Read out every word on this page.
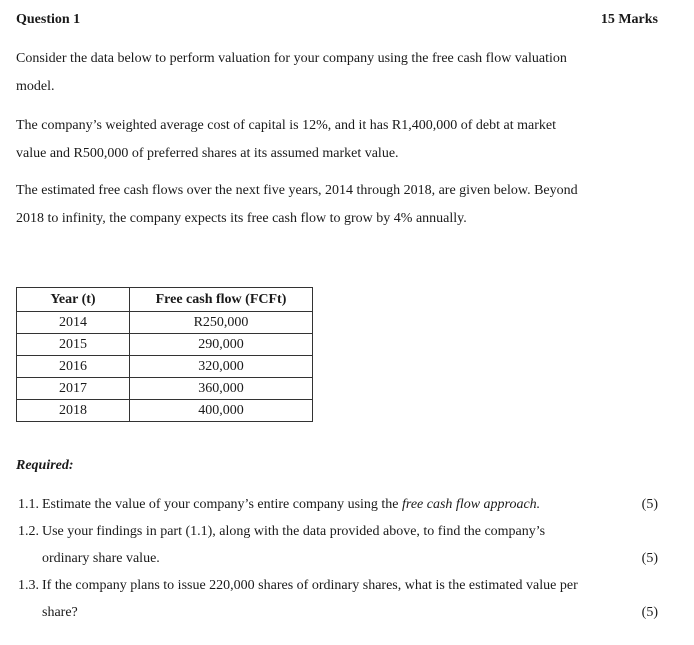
Question 1	15 Marks
Consider the data below to perform valuation for your company using the free cash flow valuation
model.
The company’s weighted average cost of capital is 12%, and it has R1,400,000 of debt at market
value and R500,000 of preferred shares at its assumed market value.
The estimated free cash flows over the next five years, 2014 through 2018, are given below. Beyond
2018 to infinity, the company expects its free cash flow to grow by 4% annually.
Year (t)	Free cash flow (FCFt)
2014	R250,000
2015	290,000
2016	320,000
2017	360,000
2018	400,000
Required:
1.1. Estimate the value of your company’s entire company using the free cash flow approach.	(5)
1.2. Use your findings in part (1.1), along with the data provided above, to find the company’s
ordinary share value.	(5)
1.3. If the company plans to issue 220,000 shares of ordinary shares, what is the estimated value per
share?	(5)
